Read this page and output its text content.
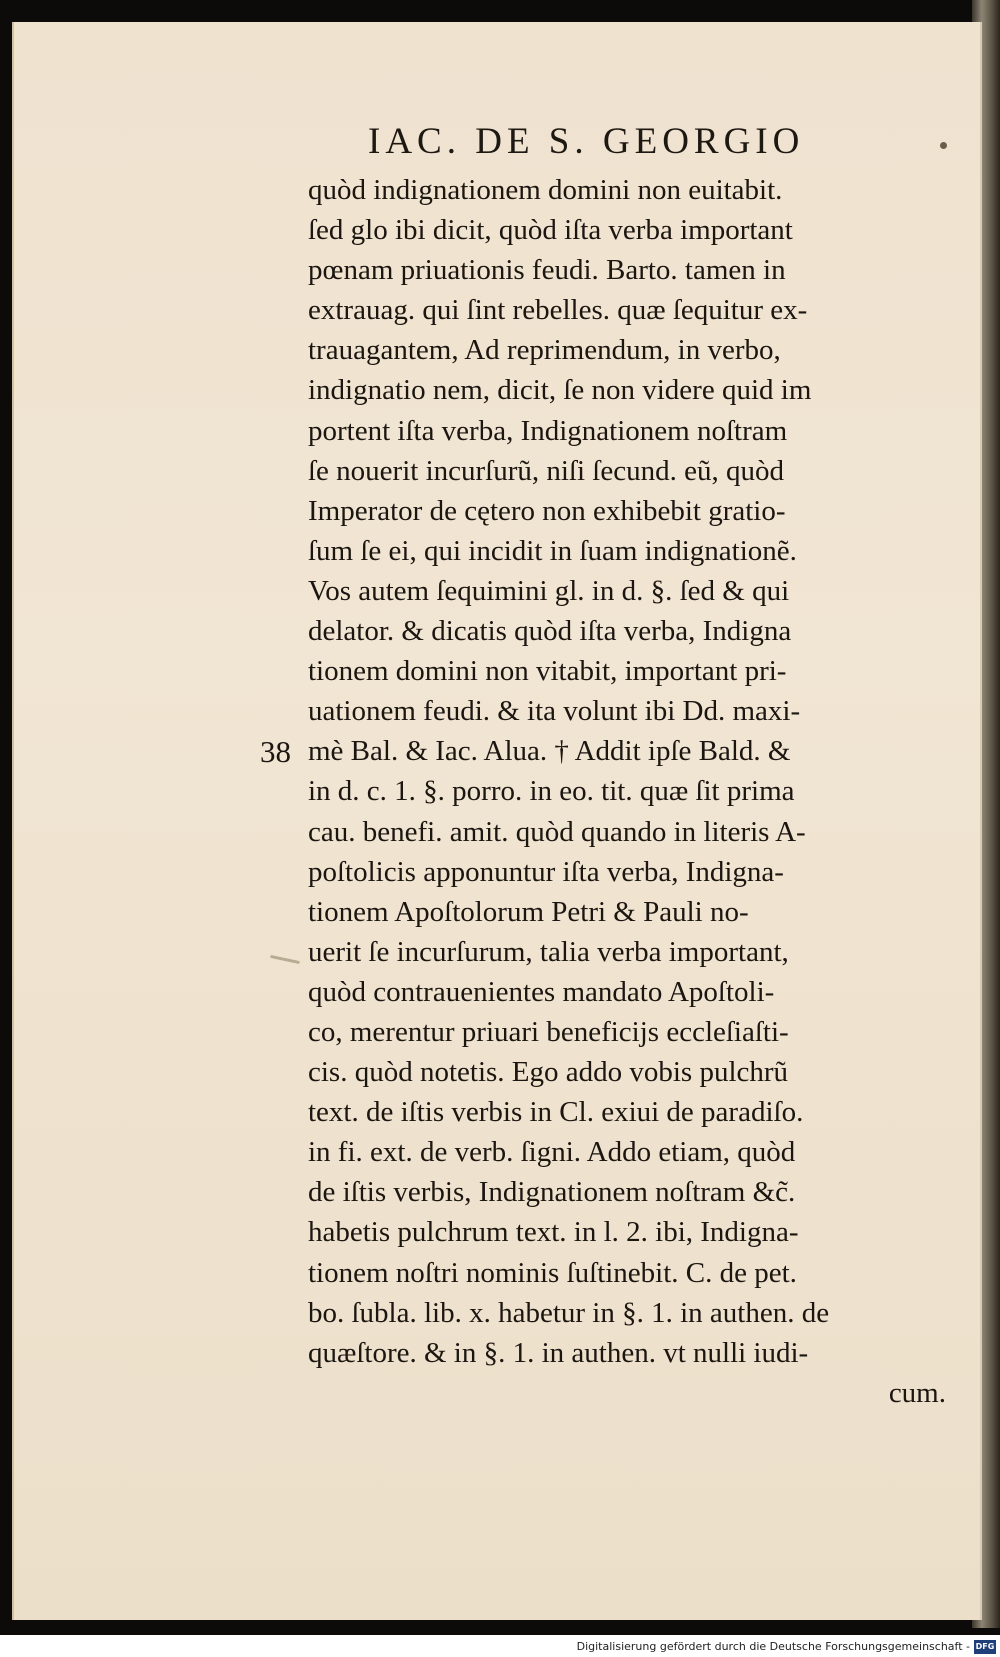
IAC. DE S. GEORGIO
38
quòd indignationem domini non euitabit.
ſed glo ibi dicit, quòd iſta verba important
pœnam priuationis feudi. Barto. tamen in
extrauag. qui ſint rebelles. quæ ſequitur ex-
trauagantem, Ad reprimendum, in verbo,
indignatio nem, dicit, ſe non videre quid im
portent iſta verba, Indignationem noſtram
ſe nouerit incurſurũ, niſi ſecund. eũ, quòd
Imperator de cętero non exhibebit gratio-
ſum ſe ei, qui incidit in ſuam indignationẽ.
Vos autem ſequimini gl. in d. §. ſed & qui
delator. & dicatis quòd iſta verba, Indigna
tionem domini non vitabit, important pri-
uationem feudi. & ita volunt ibi Dd. maxi-
mè Bal. & Iac. Alua. † Addit ipſe Bald. &
in d. c. 1. §. porro. in eo. tit. quæ ſit prima
cau. benefi. amit. quòd quando in literis A-
poſtolicis apponuntur iſta verba, Indigna-
tionem Apoſtolorum Petri & Pauli no-
uerit ſe incurſurum, talia verba important,
quòd contrauenientes mandato Apoſtoli-
co, merentur priuari beneficijs eccleſiaſti-
cis. quòd notetis. Ego addo vobis pulchrũ
text. de iſtis verbis in Cl. exiui de paradiſo.
in fi. ext. de verb. ſigni. Addo etiam, quòd
de iſtis verbis, Indignationem noſtram &c̃.
habetis pulchrum text. in l. 2. ibi, Indigna-
tionem noſtri nominis ſuſtinebit. C. de pet.
bo. ſubla. lib. x. habetur in §. 1. in authen. de
quæſtore. & in §. 1. in authen. vt nulli iudi-
cum.
Digitalisierung gefördert durch die Deutsche Forschungsgemeinschaft - DFG
